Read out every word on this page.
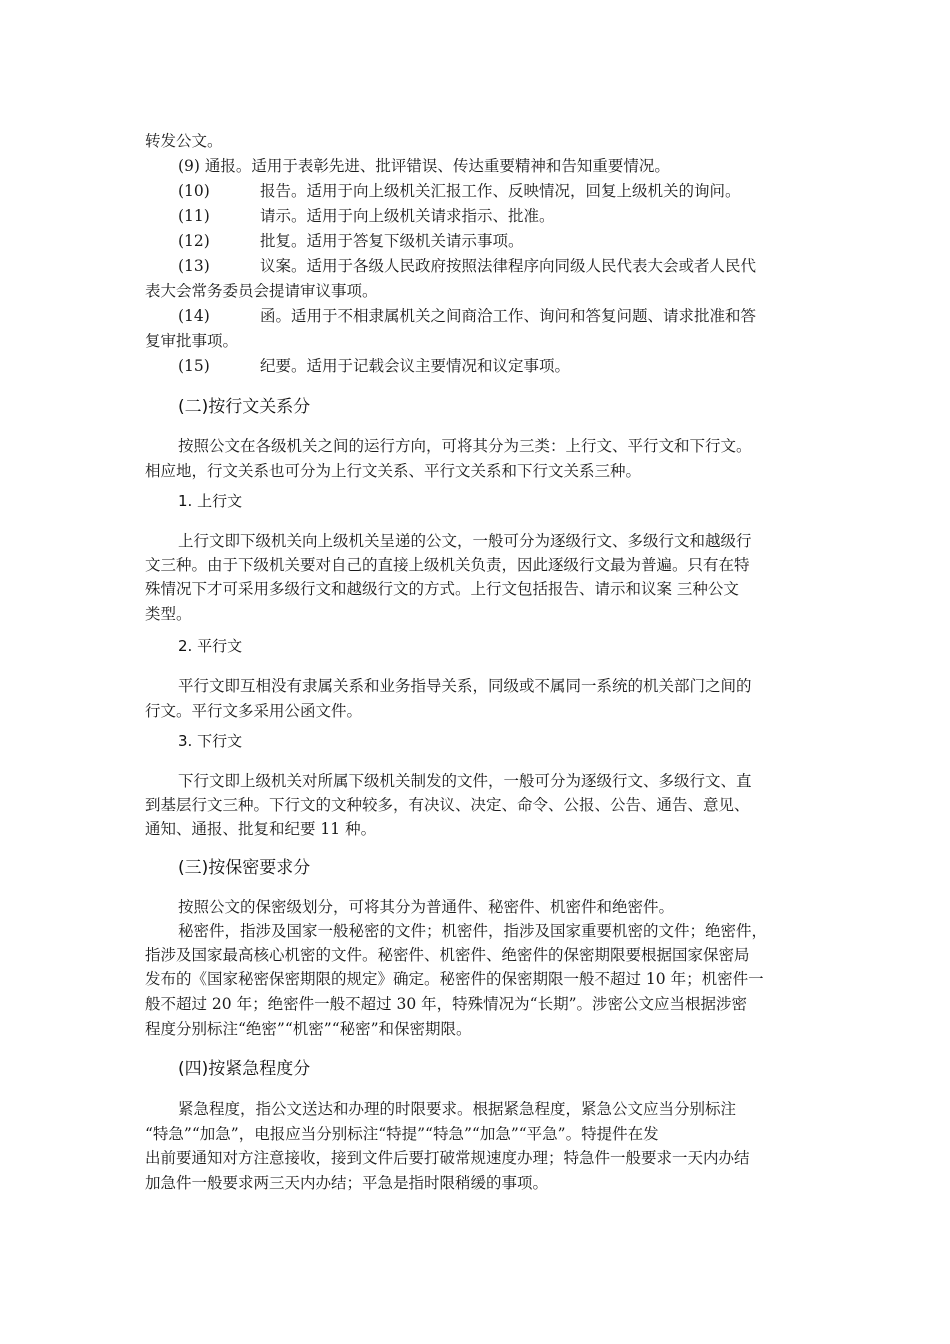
转发公文。
(9) 通报。适用于表彰先进、批评错误、传达重要精神和告知重要情况。
(10)	报告。适用于向上级机关汇报工作、反映情况，回复上级机关的询问。
(11)	请示。适用于向上级机关请求指示、批准。
(12)	批复。适用于答复下级机关请示事项。
(13)	议案。适用于各级人民政府按照法律程序向同级人民代表大会或者人民代
表大会常务委员会提请审议事项。
(14)	函。适用于不相隶属机关之间商洽工作、询问和答复问题、请求批准和答
复审批事项。
(15)	纪要。适用于记载会议主要情况和议定事项。
(二)按行文关系分
按照公文在各级机关之间的运行方向，可将其分为三类：上行文、平行文和下行文。
相应地，行文关系也可分为上行文关系、平行文关系和下行文关系三种。
1. 上行文
上行文即下级机关向上级机关呈递的公文，一般可分为逐级行文、多级行文和越级行
文三种。由于下级机关要对自己的直接上级机关负责，因此逐级行文最为普遍。只有在特
殊情况下才可采用多级行文和越级行文的方式。上行文包括报告、请示和议案 三种公文
类型。
2. 平行文
平行文即互相没有隶属关系和业务指导关系，同级或不属同一系统的机关部门之间的
行文。平行文多采用公函文件。
3. 下行文
下行文即上级机关对所属下级机关制发的文件，一般可分为逐级行文、多级行文、直
到基层行文三种。下行文的文种较多，有决议、决定、命令、公报、公告、通告、意见、
通知、通报、批复和纪要 11 种。
(三)按保密要求分
按照公文的保密级划分，可将其分为普通件、秘密件、机密件和绝密件。
秘密件，指涉及国家一般秘密的文件；机密件，指涉及国家重要机密的文件；绝密件，
指涉及国家最高核心机密的文件。秘密件、机密件、绝密件的保密期限要根据国家保密局
发布的《国家秘密保密期限的规定》确定。秘密件的保密期限一般不超过 10 年；机密件一
般不超过 20 年；绝密件一般不超过 30 年，特殊情况为“长期”。涉密公文应当根据涉密
程度分别标注“绝密”“机密”“秘密”和保密期限。
(四)按紧急程度分
紧急程度，指公文送达和办理的时限要求。根据紧急程度，紧急公文应当分别标注
“特急”“加急”，电报应当分别标注“特提”“特急”“加急”“平急”。特提件在发
出前要通知对方注意接收，接到文件后要打破常规速度办理；特急件一般要求一天内办结
加急件一般要求两三天内办结；平急是指时限稍缓的事项。
